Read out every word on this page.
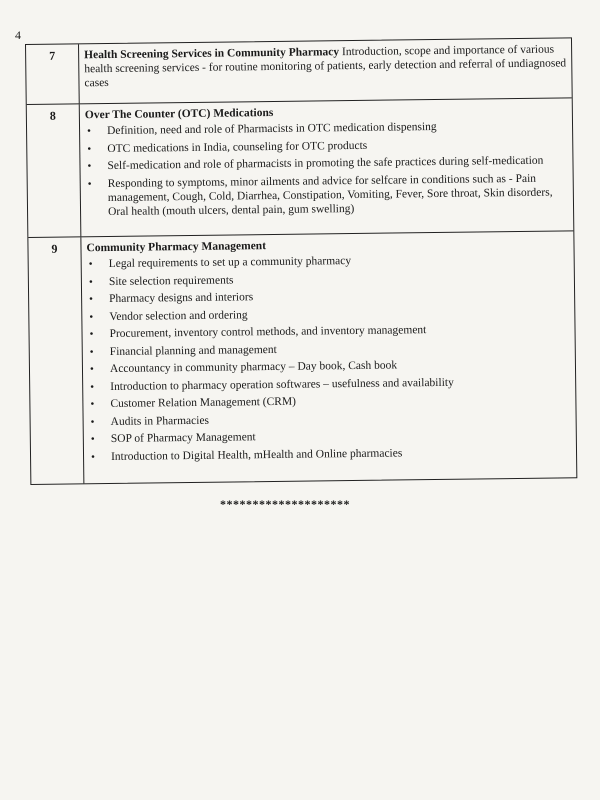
4
7	Health Screening Services in Community Pharmacy Introduction, scope and importance of various health screening services - for routine monitoring of patients, early detection and referral of undiagnosed cases

8	Over The Counter (OTC) Medications
• Definition, need and role of Pharmacists in OTC medication dispensing
• OTC medications in India, counseling for OTC products
• Self-medication and role of pharmacists in promoting the safe practices during self-medication
• Responding to symptoms, minor ailments and advice for selfcare in conditions such as - Pain management, Cough, Cold, Diarrhea, Constipation, Vomiting, Fever, Sore throat, Skin disorders, Oral health (mouth ulcers, dental pain, gum swelling)
9	Community Pharmacy Management
• Legal requirements to set up a community pharmacy
• Site selection requirements
• Pharmacy designs and interiors
• Vendor selection and ordering
• Procurement, inventory control methods, and inventory management
• Financial planning and management
• Accountancy in community pharmacy – Day book, Cash book
• Introduction to pharmacy operation softwares – usefulness and availability
• Customer Relation Management (CRM)
• Audits in Pharmacies
• SOP of Pharmacy Management
• Introduction to Digital Health, mHealth and Online pharmacies
********************
